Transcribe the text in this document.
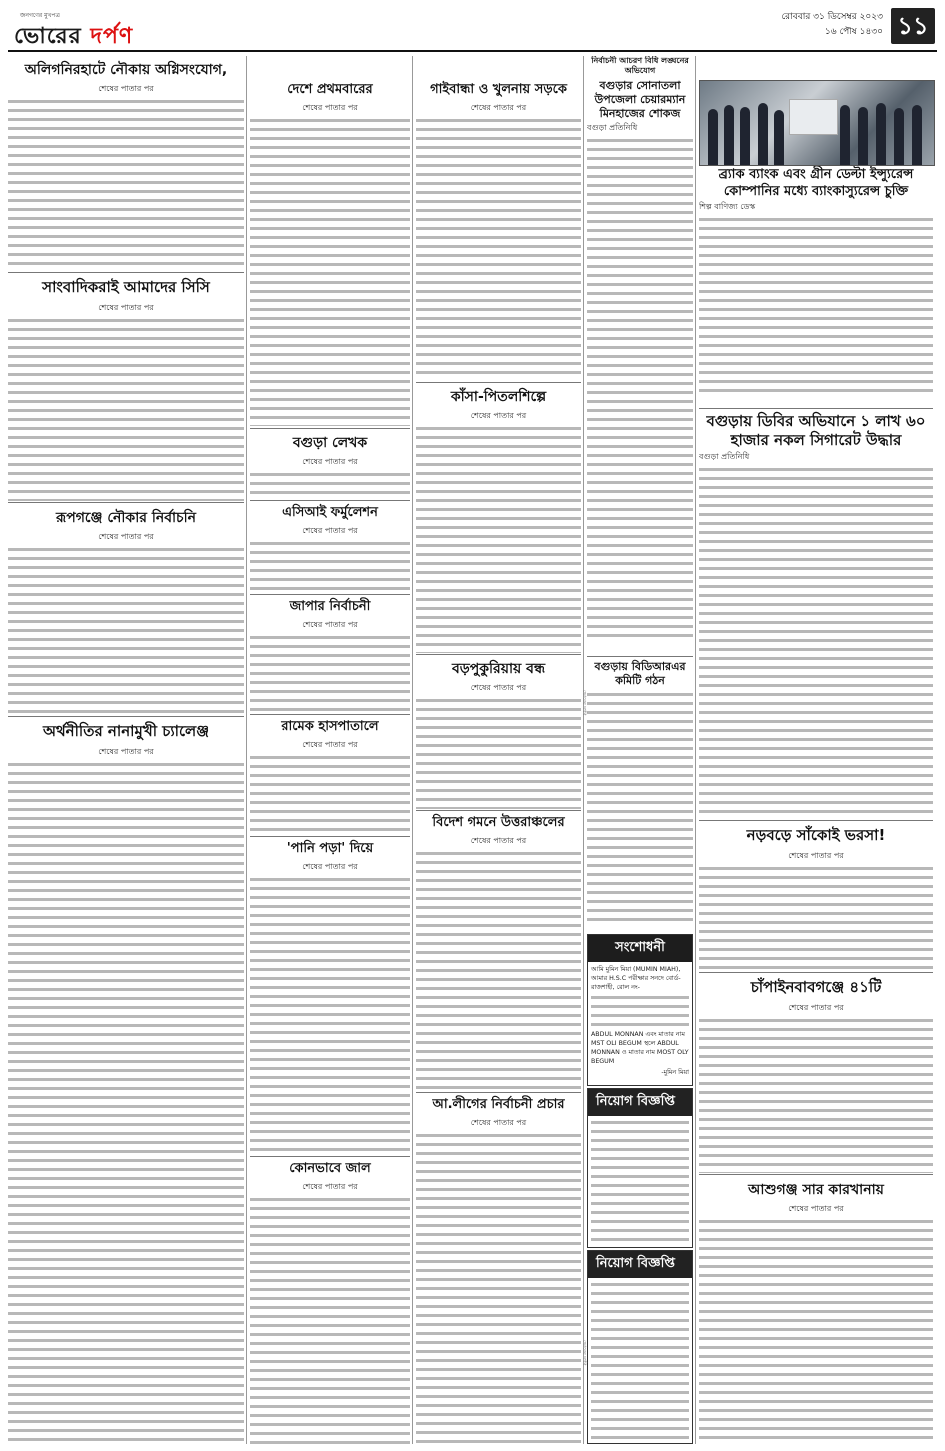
জনগণের মুখপত্র
ভোরের দর্পণ
রোববার ৩১ ডিসেম্বর ২০২৩
১৬ পৌষ ১৪৩০ ১১
অলিগনিরহাটে নৌকায় অগ্নিসংযোগ,
শেষের পাতার পর
সাংবাদিকরাই আমাদের সিসি
শেষের পাতার পর
রূপগঞ্জে নৌকার নির্বাচনি
শেষের পাতার পর
অর্থনীতির নানামুখী চ্যালেঞ্জ
শেষের পাতার পর
দেশে প্রথমবারের
শেষের পাতার পর
বগুড়া লেখক
শেষের পাতার পর
এসিআই ফর্মুলেশন
শেষের পাতার পর
জাপার নির্বাচনী
শেষের পাতার পর
রামেক হাসপাতালে
শেষের পাতার পর
'পানি পড়া' দিয়ে
শেষের পাতার পর
কোনভাবে জাল
শেষের পাতার পর
গাইবান্ধা ও খুলনায় সড়কে
শেষের পাতার পর
কাঁসা-পিতলশিল্পে
শেষের পাতার পর
বড়পুকুরিয়ায় বন্ধ
শেষের পাতার পর
বিদেশ গমনে উত্তরাঞ্চলের
শেষের পাতার পর
আ.লীগের নির্বাচনী প্রচার
শেষের পাতার পর
নির্বাচনী আচরণ বিধি লঙ্ঘনের অভিযোগ
বগুড়ার সোনাতলা উপজেলা চেয়ারম্যান মিনহাজের শোকজ
বগুড়া প্রতিনিধি
বগুড়ায় বিডিআরএর কমিটি গঠন
সংশোধনী
আমি মুমিন মিয়া (MUMIN MIAH), আমার H.S.C পরীক্ষার সনদে বোর্ড-রাজশাহী, রোল নং-
ABDUL MONNAN এবং মাতার নাম MST OLI BEGUM স্থলে ABDUL MONNAN ও মাতার নাম MOST OLY BEGUM
-মুমিন মিয়া
নিয়োগ বিজ্ঞপ্তি
নিয়োগ বিজ্ঞপ্তি
ভোরের দর্পণ
ভোরের দর্পণ
ব্র্যাক ব্যাংক এবং গ্রীন ডেল্টা ইন্স্যুরেন্স কোম্পানির মধ্যে ব্যাংকাস্যুরেন্স চুক্তি
শিল্প বাণিজ্য ডেস্ক
বগুড়ায় ডিবির অভিযানে ১ লাখ ৬০ হাজার নকল সিগারেট উদ্ধার
বগুড়া প্রতিনিধি
নড়বড়ে সাঁকোই ভরসা!
শেষের পাতার পর
চাঁপাইনবাবগঞ্জে ৪১টি
শেষের পাতার পর
আশুগঞ্জ সার কারখানায়
শেষের পাতার পর
